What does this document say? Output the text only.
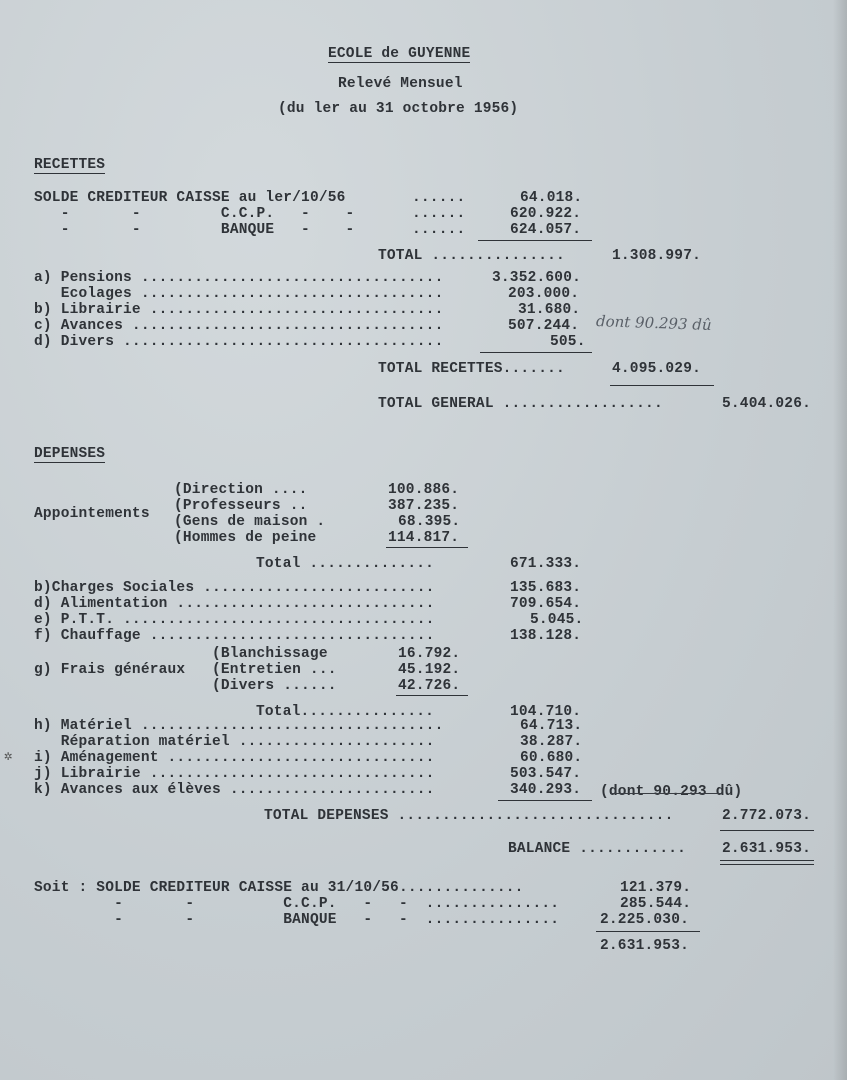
ECOLE de GUYENNE
Relevé Mensuel
(du ler au 31 octobre 1956)
RECETTES
SOLDE CREDITEUR CAISSE au ler/10/56	......	64.018.
-       -         C.C.P.   -    -	......	620.922.
-       -         BANQUE   -    -	......	624.057.
TOTAL ...............	1.308.997.
a) Pensions ..................................	3.352.600.
Ecolages ..................................	203.000.
b) Librairie .................................	31.680.
c) Avances ...................................	507.244. dont 90.293 dû
d) Divers ....................................	505.
TOTAL RECETTES.......	4.095.029.
TOTAL GENERAL ..................	5.404.026.
DEPENSES
Appointements
(Direction ....	100.886.
(Professeurs ..	387.235.
(Gens de maison .	68.395.
(Hommes de peine	114.817.
Total ..............	671.333.
b)Charges Sociales ..........................	135.683.
d) Alimentation .............................	709.654.
e) P.T.T. ...................................	5.045.
f) Chauffage ................................	138.128.
g) Frais généraux
(Blanchissage	16.792.
(Entretien ...	45.192.
(Divers ......	42.726.
Total...............	104.710.
h) Matériel ..................................	64.713.
Réparation matériel ......................	38.287.
✲ i) Aménagement ..............................	60.680.
j) Librairie ................................	503.547.
k) Avances aux élèves .......................	340.293. (dont 90.293 dû)
TOTAL DEPENSES ...............................	2.772.073.
BALANCE ............ 2.631.953.
Soit : SOLDE CREDITEUR CAISSE au 31/10/56..............	121.379.
-       -          C.C.P.   -   -  ...............	285.544.
-       -          BANQUE   -   -  ...............	2.225.030.
2.631.953.
